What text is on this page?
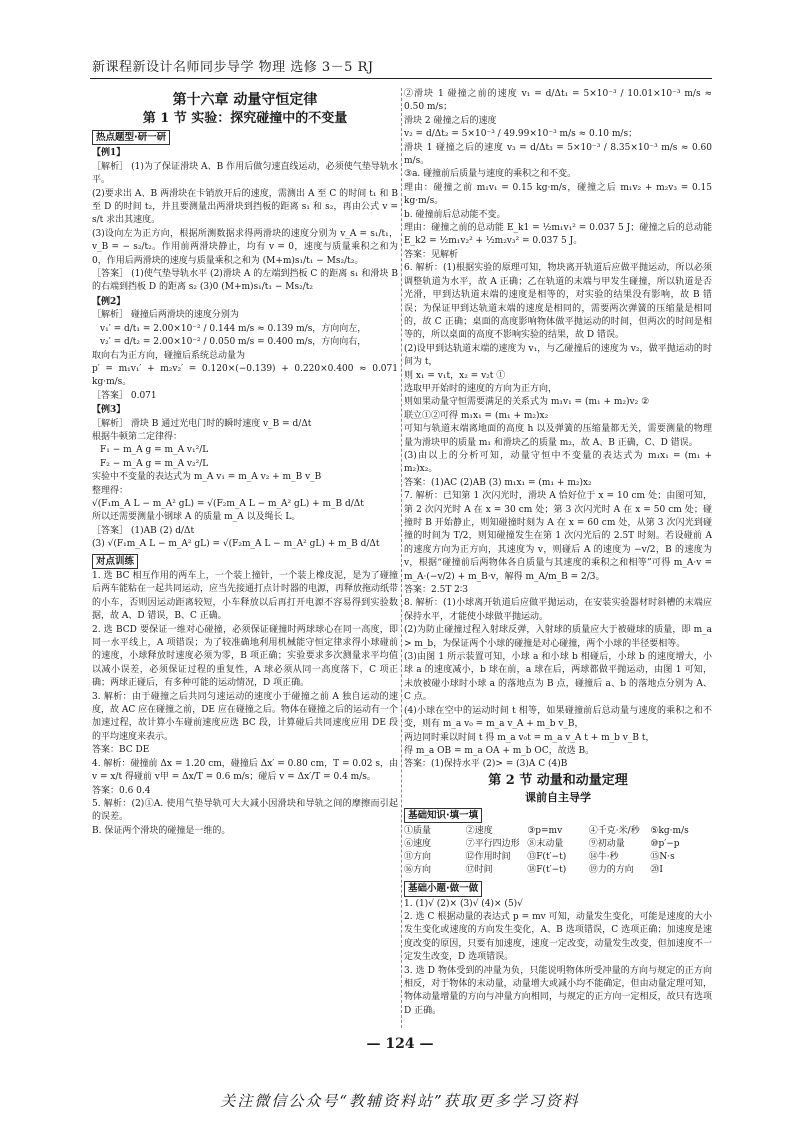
新课程新设计名师同步导学 物理 选修 3－5 RJ
第十六章 动量守恒定律
第 1 节 实验：探究碰撞中的不变量
热点题型·研一研
【例1】

［解析］ (1)为了保证滑块 A、B 作用后做匀速直线运动，必须使气垫导轨水平。

(2)要求出 A、B 两滑块在卡销放开后的速度，需测出 A 至 C 的时间 t₁ 和 B 至 D 的时间 t₂，并且要测量出两滑块到挡板的距离 s₁ 和 s₂，再由公式 v = s/t 求出其速度。

(3)设向左为正方向，根据所测数据求得两滑块的速度分别为 v_A = s₁/t₁，v_B = − s₂/t₂。作用前两滑块静止，均有 v = 0，速度与质量乘积之和为 0，作用后两滑块的速度与质量乘积之和为 (M+m)s₁/t₁ − Ms₂/t₂。

［答案］ (1)使气垫导轨水平 (2)滑块 A 的左端到挡板 C 的距离 s₁ 和滑块 B 的右端到挡板 D 的距离 s₂ (3)0 (M+m)s₁/t₁ − Ms₂/t₂

【例2】

［解析］ 碰撞后两滑块的速度分别为

v₁′ = d/t₁ = 2.00×10⁻² / 0.144 m/s ≈ 0.139 m/s，方向向左，

v₂′ = d/t₂ = 2.00×10⁻² / 0.050 m/s = 0.400 m/s，方向向右，

取向右为正方向，碰撞后系统总动量为

p′ = m₁v₁′ + m₂v₂′ = 0.120×(−0.139) + 0.220×0.400 ≈ 0.071 kg·m/s。

［答案］ 0.071

【例3】

［解析］ 滑块 B 通过光电门时的瞬时速度 v_B = d/Δt

根据牛顿第二定律得：

F₁ − m_A g = m_A v₁²/L

F₂ − m_A g = m_A v₂²/L

实验中不变量的表达式为 m_A v₁ = m_A v₂ + m_B v_B

整理得：

√(F₁m_A L − m_A² gL) = √(F₂m_A L − m_A² gL) + m_B d/Δt

所以还需要测量小钢球 A 的质量 m_A 以及绳长 L。

［答案］ (1)AB (2) d/Δt

(3) √(F₁m_A L − m_A² gL) = √(F₂m_A L − m_A² gL) + m_B d/Δt

对点训练

1. 选 BC 相互作用的两车上，一个装上撞针，一个装上橡皮泥，是为了碰撞后两车能粘在一起共同运动，应当先接通打点计时器的电源，再释放拖动纸带的小车，否则因运动距离较短，小车释放以后再打开电源不容易得到实验数据，故 A、D 错误，B、C 正确。

2. 选 BCD 要保证一维对心碰撞，必须保证碰撞时两球球心在同一高度，即同一水平线上，A 项错误；为了较准确地利用机械能守恒定律求得小球碰前的速度，小球释放时速度必须为零，B 项正确；实验要求多次测量求平均值以减小误差，必须保证过程的重复性，A 球必须从同一高度落下，C 项正确；两球正碰后，有多种可能的运动情况，D 项正确。

3. 解析：由于碰撞之后共同匀速运动的速度小于碰撞之前 A 独自运动的速度，故 AC 应在碰撞之前，DE 应在碰撞之后。物体在碰撞之后的运动有一个加速过程，故计算小车碰前速度应选 BC 段，计算碰后共同速度应用 DE 段的平均速度来表示。

答案：BC DE

4. 解析：碰撞前 Δx = 1.20 cm，碰撞后 Δx′ = 0.80 cm，T = 0.02 s，由 v = x/t 得碰前 v甲 = Δx/T = 0.6 m/s；碰后 v = Δx′/T = 0.4 m/s。

答案：0.6 0.4

5. 解析：(2)①A. 使用气垫导轨可大大减小因滑块和导轨之间的摩擦而引起的误差。

B. 保证两个滑块的碰撞是一维的。

②滑块 1 碰撞之前的速度 v₁ = d/Δt₁ = 5×10⁻³ / 10.01×10⁻³ m/s ≈ 0.50 m/s；

滑块 2 碰撞之后的速度

v₂ = d/Δt₂ = 5×10⁻³ / 49.99×10⁻³ m/s ≈ 0.10 m/s；

滑块 1 碰撞之后的速度 v₃ = d/Δt₃ = 5×10⁻³ / 8.35×10⁻³ m/s ≈ 0.60 m/s。

③a. 碰撞前后质量与速度的乘积之和不变。

理由：碰撞之前 m₁v₁ = 0.15 kg·m/s，碰撞之后 m₁v₂ + m₂v₃ = 0.15 kg·m/s。

b. 碰撞前后总动能不变。

理由：碰撞之前的总动能 E_k1 = ½m₁v₁² = 0.037 5 J；碰撞之后的总动能 E_k2 = ½m₁v₂² + ½m₂v₃² = 0.037 5 J。

答案：见解析

6. 解析：(1)根据实验的原理可知，物块离开轨道后应做平抛运动，所以必须调整轨道为水平，故 A 正确；乙在轨道的末端与甲发生碰撞，所以轨道是否光滑，甲到达轨道末端的速度是相等的，对实验的结果没有影响，故 B 错误；为保证甲到达轨道末端的速度是相同的，需要两次弹簧的压缩量是相同的，故 C 正确；桌面的高度影响物体做平抛运动的时间，但两次的时间是相等的，所以桌面的高度不影响实验的结果，故 D 错误。

(2)设甲到达轨道末端的速度为 v₁，与乙碰撞后的速度为 v₂，做平抛运动的时间为 t，

则 x₁ = v₁t，x₂ = v₂t ①

选取甲开始时的速度的方向为正方向，

则如果动量守恒需要满足的关系式为 m₁v₁ = (m₁ + m₂)v₂ ②

联立①②可得 m₁x₁ = (m₁ + m₂)x₂

可知与轨道末端离地面的高度 h 以及弹簧的压缩量都无关，需要测量的物理量为滑块甲的质量 m₁ 和滑块乙的质量 m₂，故 A、B 正确，C、D 错误。

(3)由以上的分析可知，动量守恒中不变量的表达式为 m₁x₁ = (m₁ + m₂)x₂。

答案：(1)AC (2)AB (3) m₁x₁ = (m₁ + m₂)x₂

7. 解析：已知第 1 次闪光时，滑块 A 恰好位于 x = 10 cm 处；由图可知，第 2 次闪光时 A 在 x = 30 cm 处；第 3 次闪光时 A 在 x = 50 cm 处；碰撞时 B 开始静止，则知碰撞时刻为 A 在 x = 60 cm 处，从第 3 次闪光到碰撞的时间为 T/2，则知碰撞发生在第 1 次闪光后的 2.5T 时刻。若设碰前 A 的速度方向为正方向，其速度为 v，则碰后 A 的速度为 −v/2，B 的速度为 v，根据“碰撞前后两物体各自质量与其速度的乘积之和相等”可得 m_A·v = m_A·(−v/2) + m_B·v，解得 m_A/m_B = 2/3。

答案：2.5T 2∶3

8. 解析：(1)小球离开轨道后应做平抛运动，在安装实验器材时斜槽的末端应保持水平，才能使小球做平抛运动。

(2)为防止碰撞过程入射球反弹，入射球的质量应大于被碰球的质量，即 m_a > m_b，为保证两个小球的碰撞是对心碰撞，两个小球的半径要相等。

(3)由图 1 所示装置可知，小球 a 和小球 b 相碰后，小球 b 的速度增大，小球 a 的速度减小，b 球在前，a 球在后，两球都做平抛运动，由图 1 可知，未放被碰小球时小球 a 的落地点为 B 点，碰撞后 a、b 的落地点分别为 A、C 点。

(4)小球在空中的运动时间 t 相等，如果碰撞前后总动量与速度的乘积之和不变，则有 m_a v₀ = m_a v_A + m_b v_B，

两边同时乘以时间 t 得 m_a v₀t = m_a v_A t + m_b v_B t，

得 m_a OB = m_a OA + m_b OC，故选 B。

答案：(1)保持水平 (2)> = (3)A C (4)B

第 2 节 动量和动量定理
课前自主导学
基础知识·填一填
①质量	②速度	③p=mv	④千克·米/秒	⑤kg·m/s
⑥速度	⑦平行四边形 ⑧末动量	⑨初动量	⑩p′−p
⑪方向	⑫作用时间	⑬F(t′−t)	⑭牛·秒	⑮N·s
⑯方向	⑰时间	⑱F(t′−t)	⑲力的方向	⑳I
基础小题·做一做

1. (1)√ (2)× (3)√ (4)× (5)√

2. 选 C 根据动量的表达式 p = mv 可知，动量发生变化，可能是速度的大小发生变化或速度的方向发生变化，A、B 选项错误，C 选项正确；加速度是速度改变的原因，只要有加速度，速度一定改变，动量发生改变，但加速度不一定发生改变，D 选项错误。

3. 选 D 物体受到的冲量为负，只能说明物体所受冲量的方向与规定的正方向相反，对于物体的末动量，动量增大或减小均不能确定，但由动量定理可知，物体动量增量的方向与冲量方向相同，与规定的正方向一定相反，故只有选项 D 正确。

— 124 —
关注微信公众号“教辅资料站”获取更多学习资料
